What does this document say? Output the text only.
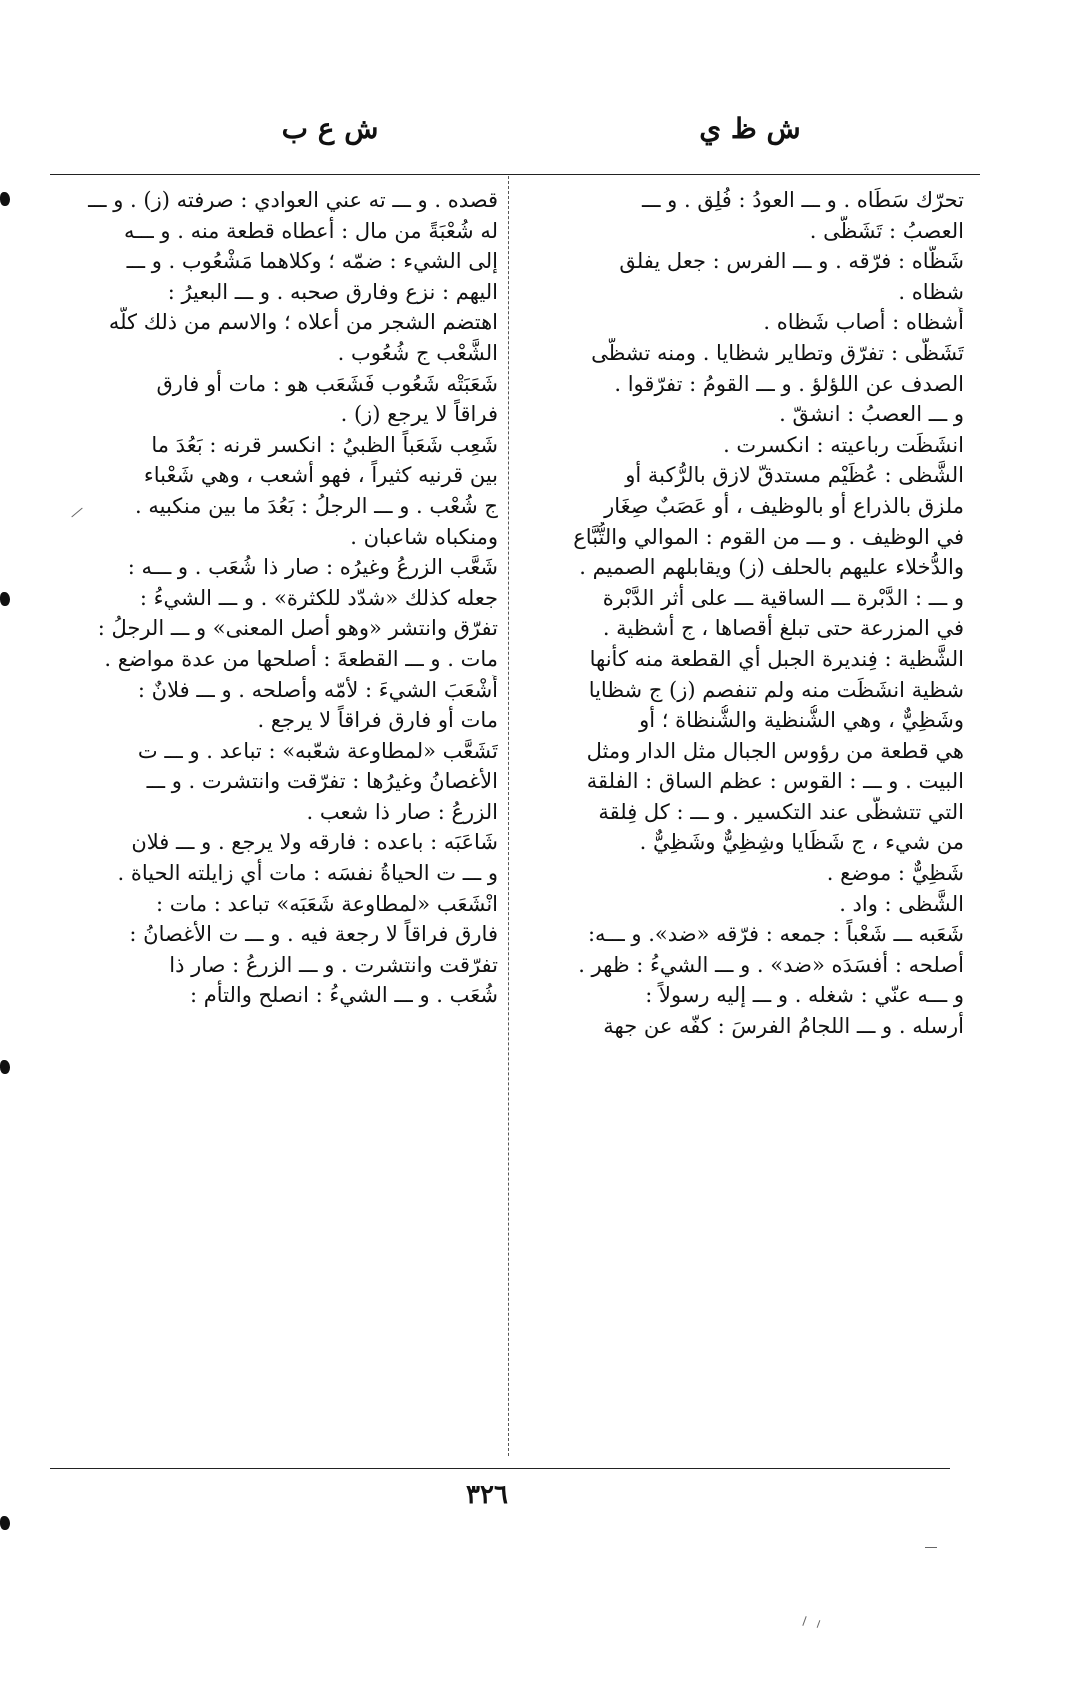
ش ظ ي
ش ع ب
تحرّك سَطَاه . و ـــ العودُ : فُلِق . و ـــ
العصبُ : تَشَظّى .
شَظّاه : فرّقه . و ـــ الفرس : جعل يفلق
شظاه .
أَشظاه : أصاب شَظاه .
تَشَظّى : تفرّق وتطاير شظايا . ومنه تشظّى
الصدف عن اللؤلؤ . و ـــ القومُ : تفرّقوا .
و ـــ العصبُ : انشقّ .
انشَظَت رباعيته : انكسرت .
الشَّظى : عُظَيْم مستدقّ لازق بالرُّكبة أو
ملزق بالذراع أو بالوظيف ، أو عَصَبٌ صِغَار
في الوظيف . و ـــ من القوم : الموالي والتُّبَّاع
والدُّخلاء عليهم بالحلف (ز) ويقابلهم الصميم .
و ـــ : الدَّبْرة ـــ الساقية ـــ على أثر الدَّبْرة
في المزرعة حتى تبلغ أقصاها ، ج أشظية .
الشَّظية : فِنديرة الجبل أي القطعة منه كأنها
شظية انشَظَت منه ولم تنفصم (ز) ج شظايا
وشَظِيٌّ ، وهي الشُّنظية والشُّنظاة ؛ أو
هي قطعة من رؤوس الجبال مثل الدار ومثل
البيت . و ـــ : القوس : عظم الساق : الفلقة
التي تتشظّى عند التكسير . و ـــ : كل فِلقة
من شيء ، ج شَظَايا وشِظِيٌّ وشَظِيٌّ .
شَظِيٌّ : موضع .
الشَّظى : واد .
شَعَبه ـــ شَعْباً : جمعه : فرّقه «ضد». و ـــه:
أصلحه : أفسَدَه «ضد» . و ـــ الشيءُ : ظهر .
و ـــه عنّي : شغله . و ـــ إليه رسولاً :
أرسله . و ـــ اللجامُ الفرسَ : كفّه عن جهة
قصده . و ـــ ته عني العوادي : صرفته (ز) . و ـــ
له شُعْبَةً من مال : أعطاه قطعة منه . و ـــه
إلى الشيء : ضمّه ؛ وكلاهما مَشْعُوب . و ـــ
اليهم : نزع وفارق صحبه . و ـــ البعيرُ :
اهتضم الشجر من أعلاه ؛ والاسم من ذلك كلّه
الشَّعْب ج شُعُوب .
شَعَبَتْه شَعُوب فَشَعَب هو : مات أو فارق
فراقاً لا يرجع (ز) .
شَعِب شَعَباً الظبيُ : انكسر قرنه : بَعُدَ ما
بين قرنيه كثيراً ، فهو أشعب ، وهي شَعْباء
ج شُعْب . و ـــ الرجلُ : بَعُدَ ما بين منكبيه .
ومنكباه شاعبان .
شَعَّب الزرعُ وغيرُه : صار ذا شُعَب . و ـــه :
جعله كذلك «شدّد للكثرة» . و ـــ الشيءُ :
تفرّق وانتشر «وهو أصل المعنى» و ـــ الرجلُ :
مات . و ـــ القطعةَ : أصلحها من عدة مواضع .
أَشْعَبَ الشيءَ : لأمّه وأصلحه . و ـــ فلانٌ :
مات أو فارق فراقاً لا يرجع .
تَشَعَّب «لمطاوعة شعّبه» : تباعد . و ـــ ت
الأغصانُ وغيرُها : تفرّقت وانتشرت . و ـــ
الزرعُ : صار ذا شعب .
شَاعَبَه : باعده : فارقه ولا يرجع . و ـــ فلان
و ـــ ت الحياةُ نفسَه : مات أي زايلته الحياة .
انْشَعَب «لمطاوعة شَعَبَه» تباعد : مات :
فارق فراقاً لا رجعة فيه . و ـــ ت الأغصانُ :
تفرّقت وانتشرت . و ـــ الزرعُ : صار ذا
شُعَب . و ـــ الشيءُ : انصلح والتأم :
٣٢٦
